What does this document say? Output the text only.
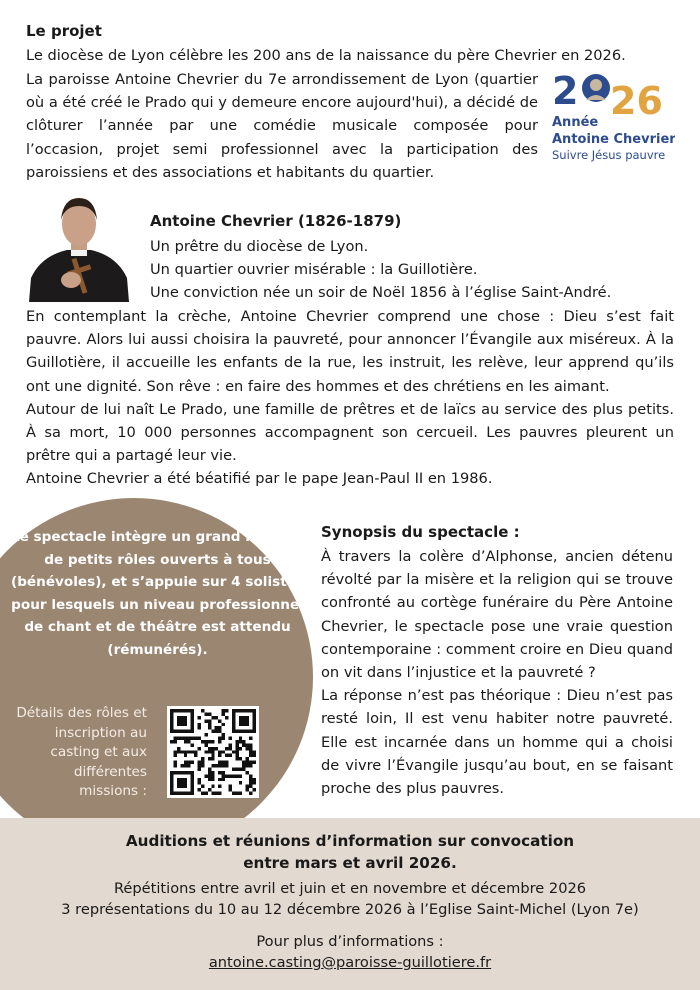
Le projet
Le diocèse de Lyon célèbre les 200 ans de la naissance du père Chevrier en 2026.
La paroisse Antoine Chevrier du 7e arrondissement de Lyon (quartier où a été créé le Prado qui y demeure encore aujourd'hui), a décidé de clôturer l’année par une comédie musicale composée pour l’occasion, projet semi professionnel avec la participation des paroissiens et des associations et habitants du quartier.
2 26
Année
Antoine Chevrier
Suivre Jésus pauvre
Antoine Chevrier (1826-1879)
Un prêtre du diocèse de Lyon.
Un quartier ouvrier misérable : la Guillotière.
Une conviction née un soir de Noël 1856 à l’église Saint-André.
En contemplant la crèche, Antoine Chevrier comprend une chose : Dieu s’est fait pauvre. Alors lui aussi choisira la pauvreté, pour annoncer l’Évangile aux miséreux. À la Guillotière, il accueille les enfants de la rue, les instruit, les relève, leur apprend qu’ils ont une dignité. Son rêve : en faire des hommes et des chrétiens en les aimant.
Autour de lui naît Le Prado, une famille de prêtres et de laïcs au service des plus petits. À sa mort, 10 000 personnes accompagnent son cercueil. Les pauvres pleurent un prêtre qui a partagé leur vie.
Antoine Chevrier a été béatifié par le pape Jean-Paul II en 1986.
Le spectacle intègre un grand nombre de petits rôles ouverts à tous (bénévoles), et s’appuie sur 4 solistes pour lesquels un niveau professionnel de chant et de théâtre est attendu (rémunérés).
Détails des rôles et inscription au casting et aux différentes missions :
Synopsis du spectacle :
À travers la colère d’Alphonse, ancien détenu révolté par la misère et la religion qui se trouve confronté au cortège funéraire du Père Antoine Chevrier, le spectacle pose une vraie question contemporaine : comment croire en Dieu quand on vit dans l’injustice et la pauvreté ?
La réponse n’est pas théorique : Dieu n’est pas resté loin, Il est venu habiter notre pauvreté. Elle est incarnée dans un homme qui a choisi de vivre l’Évangile jusqu’au bout, en se faisant proche des plus pauvres.
Auditions et réunions d’information sur convocation
entre mars et avril 2026.
Répétitions entre avril et juin et en novembre et décembre 2026
3 représentations du 10 au 12 décembre 2026 à l’Eglise Saint-Michel (Lyon 7e)
Pour plus d’informations :
antoine.casting@paroisse-guillotiere.fr
